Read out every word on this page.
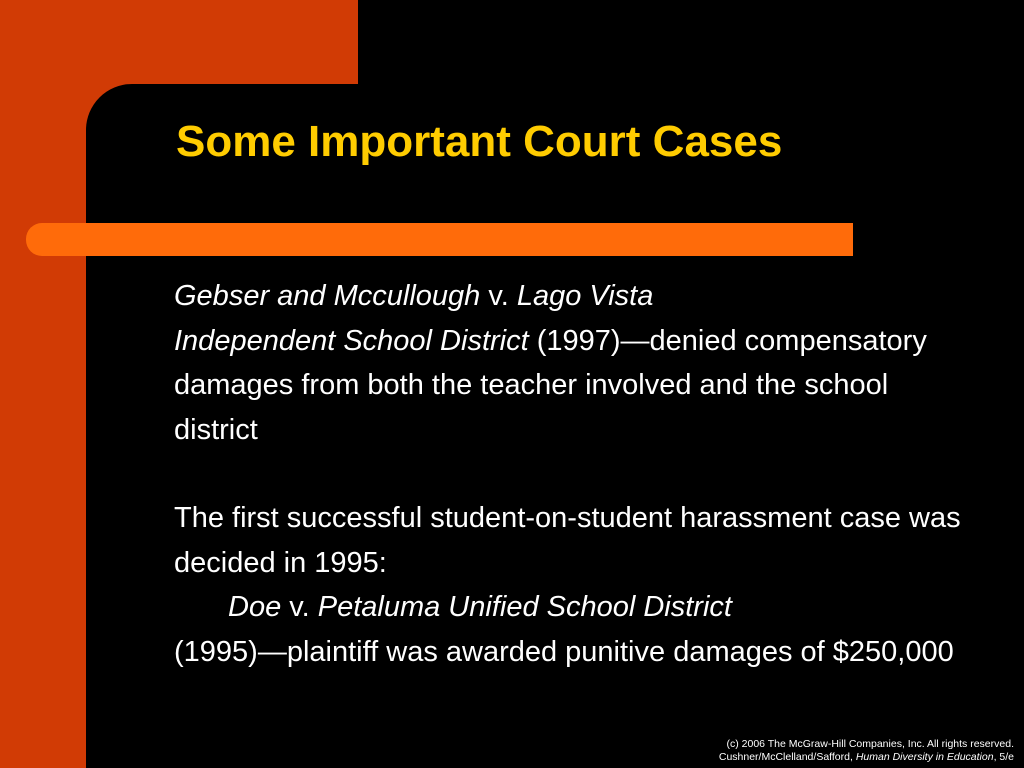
Some Important Court Cases

Gebser and Mccullough v. Lago Vista
Independent School District (1997)—denied compensatory damages from both the teacher involved and the school district

The first successful student-on-student harassment case was decided in 1995:
Doe v. Petaluma Unified School District
(1995)—plaintiff was awarded punitive damages of $250,000

(c) 2006 The McGraw-Hill Companies, Inc. All rights reserved.
Cushner/McClelland/Safford, Human Diversity in Education, 5/e
